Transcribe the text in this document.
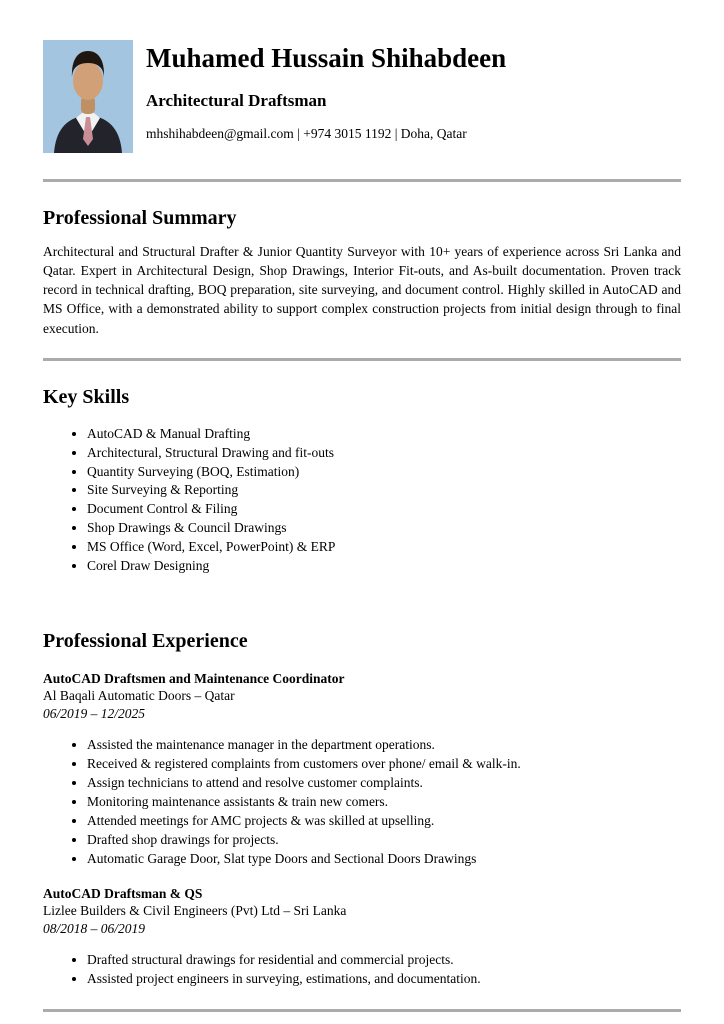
Muhamed Hussain Shihabdeen
Architectural Draftsman
mhshihabdeen@gmail.com | +974 3015 1192 | Doha, Qatar
Professional Summary

Architectural and Structural Drafter & Junior Quantity Surveyor with 10+ years of experience across Sri Lanka and Qatar. Expert in Architectural Design, Shop Drawings, Interior Fit-outs, and As-built documentation. Proven track record in technical drafting, BOQ preparation, site surveying, and document control. Highly skilled in AutoCAD and MS Office, with a demonstrated ability to support complex construction projects from initial design through to final execution.

Key Skills
• AutoCAD & Manual Drafting
• Architectural, Structural Drawing and fit-outs
• Quantity Surveying (BOQ, Estimation)
• Site Surveying & Reporting
• Document Control & Filing
• Shop Drawings & Council Drawings
• MS Office (Word, Excel, PowerPoint) & ERP
• Corel Draw Designing
Professional Experience
AutoCAD Draftsmen and Maintenance Coordinator
Al Baqali Automatic Doors – Qatar
06/2019 – 12/2025
• Assisted the maintenance manager in the department operations.
• Received & registered complaints from customers over phone/ email & walk-in.
• Assign technicians to attend and resolve customer complaints.
• Monitoring maintenance assistants & train new comers.
• Attended meetings for AMC projects & was skilled at upselling.
• Drafted shop drawings for projects.
• Automatic Garage Door, Slat type Doors and Sectional Doors Drawings
AutoCAD Draftsman & QS
Lizlee Builders & Civil Engineers (Pvt) Ltd – Sri Lanka
08/2018 – 06/2019
• Drafted structural drawings for residential and commercial projects.
• Assisted project engineers in surveying, estimations, and documentation.
